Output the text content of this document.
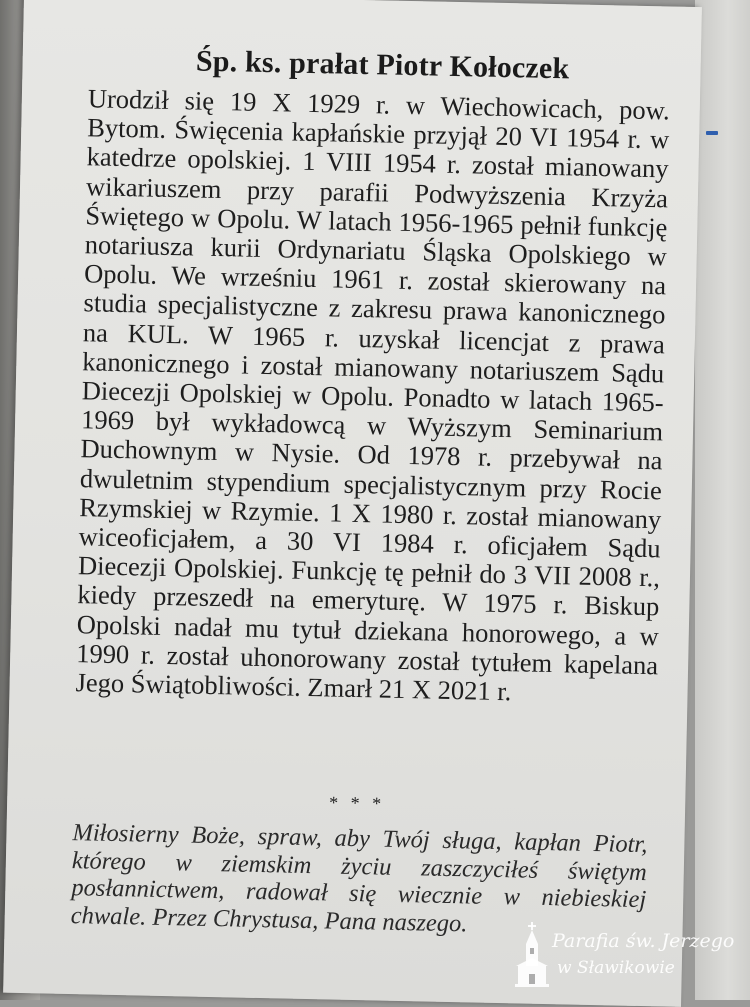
Śp. ks. prałat Piotr Kołoczek
Urodził się 19 X 1929 r. w Wiechowicach, pow. Bytom. Święcenia kapłańskie przyjął 20 VI 1954 r. w katedrze opolskiej. 1 VIII 1954 r. został mianowany wikariuszem przy parafii Podwyższenia Krzyża Świętego w Opolu. W latach 1956-1965 pełnił funkcję notariusza kurii Ordynariatu Śląska Opolskiego w Opolu. We wrześniu 1961 r. został skierowany na studia specjalistyczne z zakresu prawa kanonicznego na KUL. W 1965 r. uzyskał licencjat z prawa kanonicznego i został mianowany notariuszem Sądu Diecezji Opolskiej w Opolu. Ponadto w latach 1965-1969 był wykładowcą w Wyższym Seminarium Duchownym w Nysie. Od 1978 r. przebywał na dwuletnim stypendium specjalistycznym przy Rocie Rzymskiej w Rzymie. 1 X 1980 r. został mianowany wiceoficjałem, a 30 VI 1984 r. oficjałem Sądu Diecezji Opolskiej. Funkcję tę pełnił do 3 VII 2008 r., kiedy przeszedł na emeryturę. W 1975 r. Biskup Opolski nadał mu tytuł dziekana honorowego, a w 1990 r. został uhonorowany został tytułem kapelana Jego Świątobliwości. Zmarł 21 X 2021 r.
* * *
Miłosierny Boże, spraw, aby Twój sługa, kapłan Piotr, którego w ziemskim życiu zaszczyciłeś świętym posłannictwem, radował się wiecznie w niebieskiej chwale. Przez Chrystusa, Pana naszego.
Parafia św. Jerzego
w Sławikowie
